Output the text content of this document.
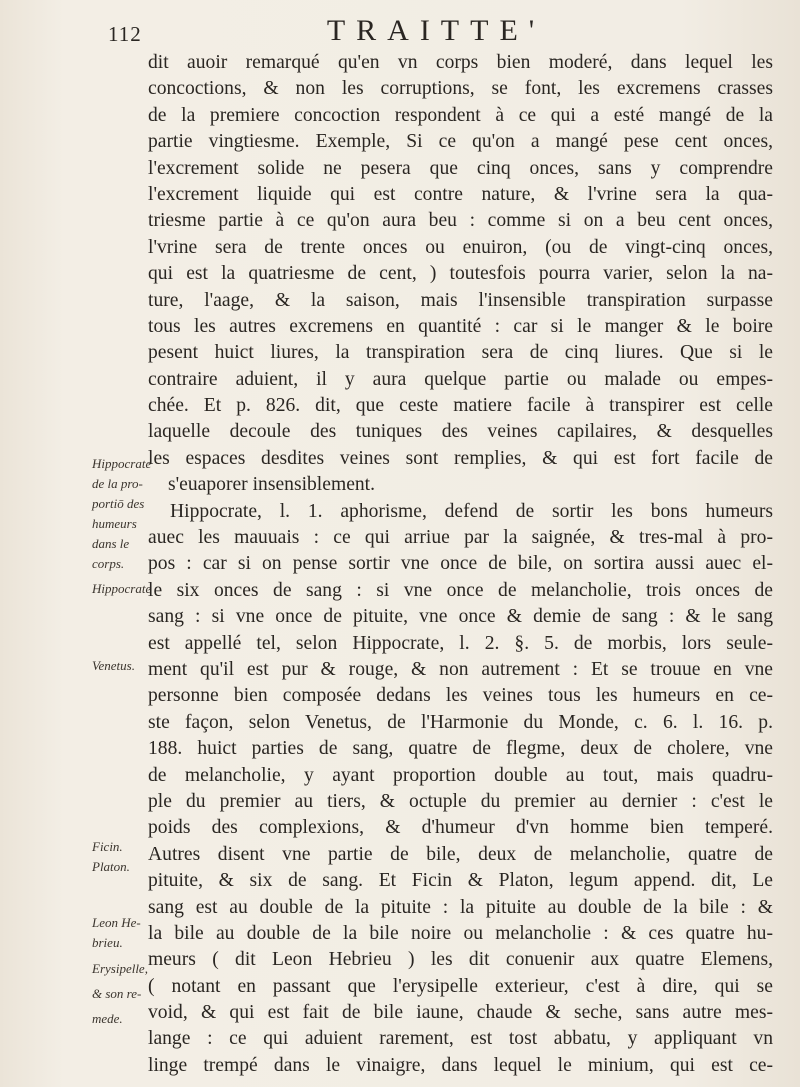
112	TRAITTE'
Hippocrate
de la pro-
portiō des
humeurs
dans le
corps.
Hippocrate
Venetus.
Ficin.
Platon.
Leon He-
brieu.
Erysipelle,
& son re-
mede.
dit auoir remarqué qu'en vn corps bien moderé, dans lequel les
concoctions, & non les corruptions, se font, les excremens crasses
de la premiere concoction respondent à ce qui a esté mangé de la
partie vingtiesme. Exemple, Si ce qu'on a mangé pese cent onces,
l'excrement solide ne pesera que cinq onces, sans y comprendre
l'excrement liquide qui est contre nature, & l'vrine sera la qua-
triesme partie à ce qu'on aura beu : comme si on a beu cent onces,
l'vrine sera de trente onces ou enuiron, (ou de vingt-cinq onces,
qui est la quatriesme de cent, ) toutesfois pourra varier, selon la na-
ture, l'aage, & la saison, mais l'insensible transpiration surpasse
tous les autres excremens en quantité : car si le manger & le boire
pesent huict liures, la transpiration sera de cinq liures. Que si le
contraire aduient, il y aura quelque partie ou malade ou empes-
chée. Et p. 826. dit, que ceste matiere facile à transpirer est celle
laquelle decoule des tuniques des veines capilaires, & desquelles
les espaces desdites veines sont remplies, & qui est fort facile de
s'euaporer insensiblement.
Hippocrate, l. 1. aphorisme, defend de sortir les bons humeurs
auec les mauuais : ce qui arriue par la saignée, & tres-mal à pro-
pos : car si on pense sortir vne once de bile, on sortira aussi auec el-
le six onces de sang : si vne once de melancholie, trois onces de
sang : si vne once de pituite, vne once & demie de sang : & le sang
est appellé tel, selon Hippocrate, l. 2. §. 5. de morbis, lors seule-
ment qu'il est pur & rouge, & non autrement : Et se trouue en vne
personne bien composée dedans les veines tous les humeurs en ce-
ste façon, selon Venetus, de l'Harmonie du Monde, c. 6. l. 16. p.
188. huict parties de sang, quatre de flegme, deux de cholere, vne
de melancholie, y ayant proportion double au tout, mais quadru-
ple du premier au tiers, & octuple du premier au dernier : c'est le
poids des complexions, & d'humeur d'vn homme bien temperé.
Autres disent vne partie de bile, deux de melancholie, quatre de
pituite, & six de sang. Et Ficin & Platon, legum append. dit, Le
sang est au double de la pituite : la pituite au double de la bile : &
la bile au double de la bile noire ou melancholie : & ces quatre hu-
meurs ( dit Leon Hebrieu ) les dit conuenir aux quatre Elemens,
( notant en passant que l'erysipelle exterieur, c'est à dire, qui se
void, & qui est fait de bile iaune, chaude & seche, sans autre mes-
lange : ce qui aduient rarement, est tost abbatu, y appliquant vn
linge trempé dans le vinaigre, dans lequel le minium, qui est ce-
